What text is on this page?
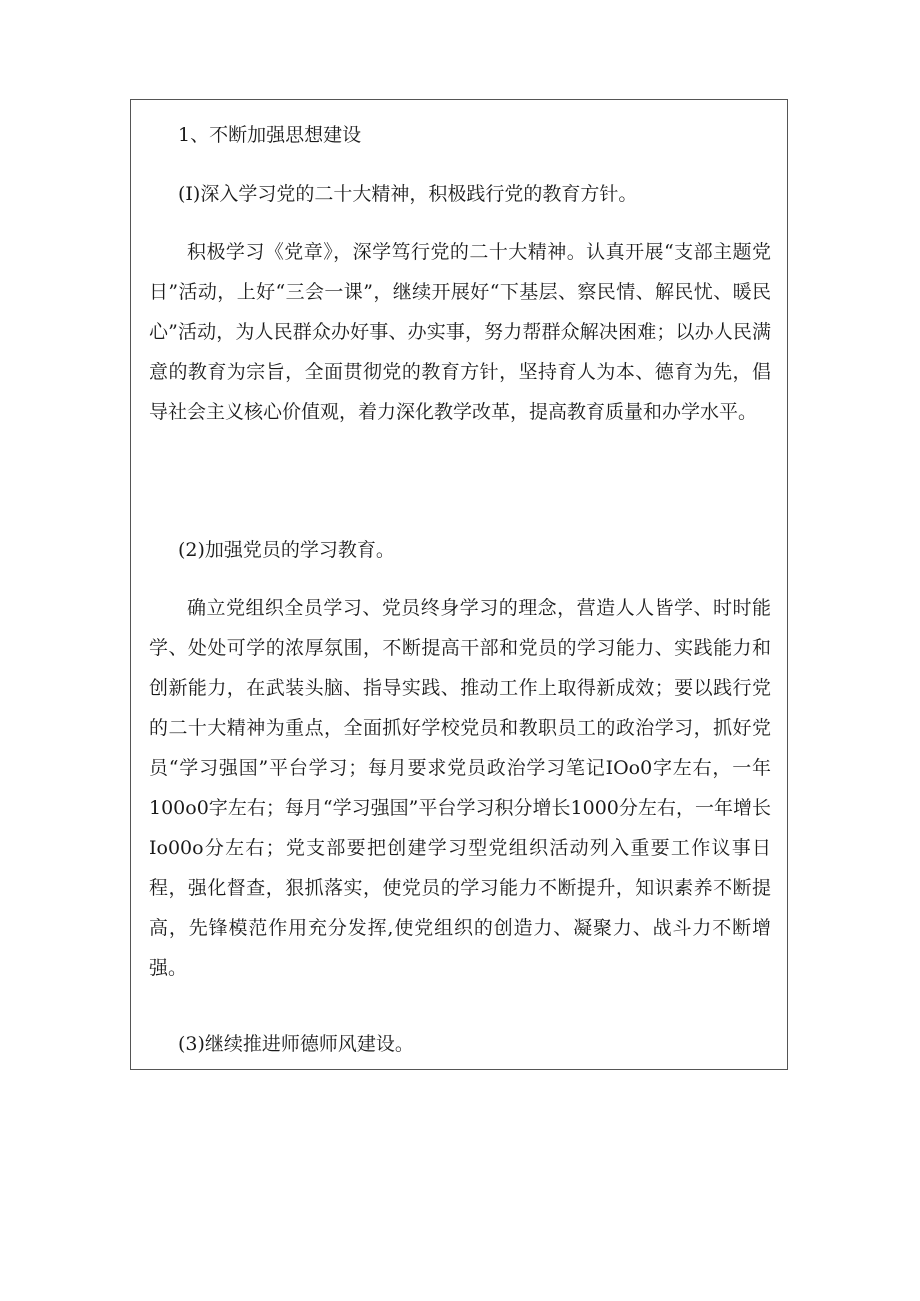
1、不断加强思想建设
(I)深入学习党的二十大精神，积极践行党的教育方针。

积极学习《党章》，深学笃行党的二十大精神。认真开展“支部主题党日”活动，上好“三会一课”，继续开展好“下基层、察民情、解民忧、暖民心”活动，为人民群众办好事、办实事，努力帮群众解决困难；以办人民满意的教育为宗旨，全面贯彻党的教育方针，坚持育人为本、德育为先，倡导社会主义核心价值观，着力深化教学改革，提高教育质量和办学水平。

(2)加强党员的学习教育。

确立党组织全员学习、党员终身学习的理念，营造人人皆学、时时能学、处处可学的浓厚氛围，不断提高干部和党员的学习能力、实践能力和创新能力，在武装头脑、指导实践、推动工作上取得新成效；要以践行党的二十大精神为重点，全面抓好学校党员和教职员工的政治学习，抓好党员“学习强国”平台学习；每月要求党员政治学习笔记IOo0字左右，一年100o0字左右；每月“学习强国”平台学习积分增长1000分左右，一年增长Io00o分左右；党支部要把创建学习型党组织活动列入重要工作议事日程，强化督查，狠抓落实，使党员的学习能力不断提升，知识素养不断提高，先锋模范作用充分发挥,使党组织的创造力、凝聚力、战斗力不断增强。

(3)继续推进师德师风建设。
